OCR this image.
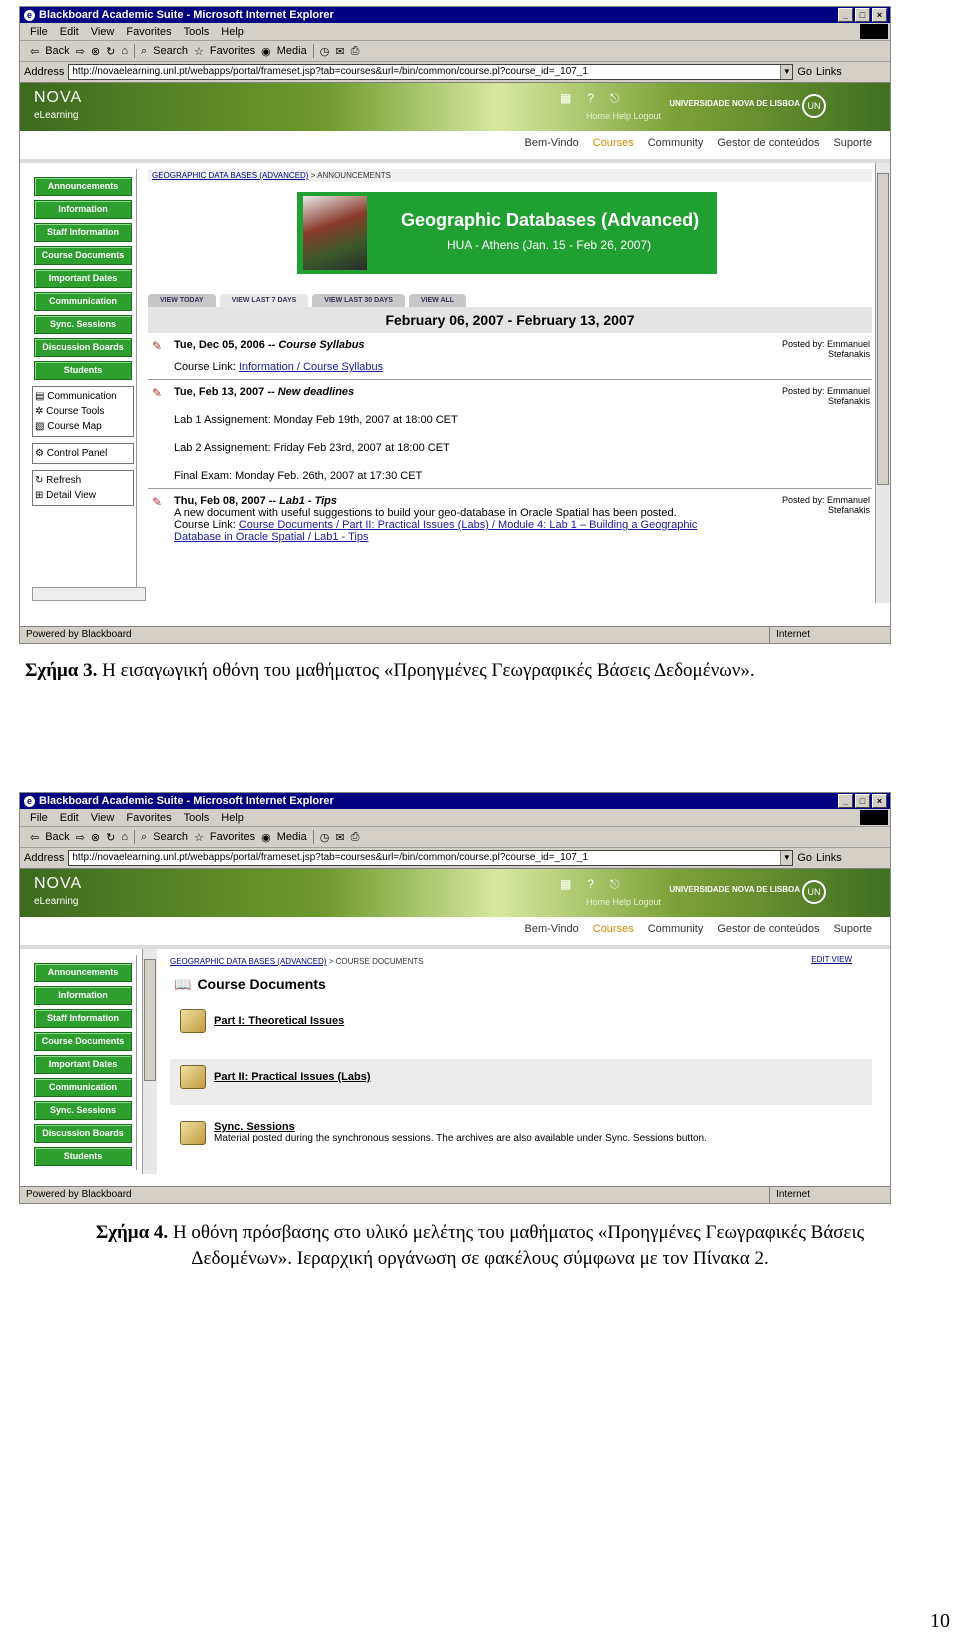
e Blackboard Academic Suite - Microsoft Internet Explorer	_	□	×
File Edit View Favorites Tools Help
⇦ Back ⇨ ⊗ ↻ ⌂ ⌕ Search ☆ Favorites ◉ Media ◷ ✉ ⎙
Address http://novaelearning.unl.pt/webapps/portal/frameset.jsp?tab=courses&url=/bin/common/course.pl?course_id=_107_1	▼ Go Links
NOVA
eLearning
▦ ? ⎋
Home Help Logout
UNIVERSIDADE NOVA DE LISBOA UN
Bem-Vindo Courses Community Gestor de conteúdos Suporte
Announcements
Information
Staff Information
Course Documents
Important Dates
Communication
Sync. Sessions
Discussion Boards
Students
▤ Communication
✲ Course Tools
▧ Course Map
⚙ Control Panel
↻ Refresh
⊞ Detail View
GEOGRAPHIC DATA BASES (ADVANCED) > ANNOUNCEMENTS
Geographic Databases (Advanced)
HUA - Athens (Jan. 15 - Feb 26, 2007)
VIEW TODAY	VIEW LAST 7 DAYS	VIEW LAST 30 DAYS	VIEW ALL
February 06, 2007 - February 13, 2007
✎ Tue, Dec 05, 2006 -- Course Syllabus	Posted by: Emmanuel Stefanakis
Course Link: Information / Course Syllabus
✎ Tue, Feb 13, 2007 -- New deadlines	Posted by: Emmanuel Stefanakis
Lab 1 Assignement: Monday Feb 19th, 2007 at 18:00 CET
Lab 2 Assignement: Friday Feb 23rd, 2007 at 18:00 CET
Final Exam: Monday Feb. 26th, 2007 at 17:30 CET
✎ Thu, Feb 08, 2007 -- Lab1 - Tips	Posted by: Emmanuel Stefanakis
A new document with useful suggestions to build your geo-database in Oracle Spatial has been posted.
Course Link: Course Documents / Part II: Practical Issues (Labs) / Module 4: Lab 1 – Building a Geographic Database in Oracle Spatial / Lab1 - Tips
Powered by Blackboard	Internet
Σχήμα 3. Η εισαγωγική οθόνη του μαθήματος «Προηγμένες Γεωγραφικές Βάσεις Δεδομένων».
e Blackboard Academic Suite - Microsoft Internet Explorer	_	□	×
File Edit View Favorites Tools Help
⇦ Back ⇨ ⊗ ↻ ⌂ ⌕ Search ☆ Favorites ◉ Media ◷ ✉ ⎙
Address http://novaelearning.unl.pt/webapps/portal/frameset.jsp?tab=courses&url=/bin/common/course.pl?course_id=_107_1	▼ Go Links
NOVA
eLearning
▦ ? ⎋
Home Help Logout
UNIVERSIDADE NOVA DE LISBOA UN
Bem-Vindo Courses Community Gestor de conteúdos Suporte
Announcements
Information
Staff Information
Course Documents
Important Dates
Communication
Sync. Sessions
Discussion Boards
Students
GEOGRAPHIC DATA BASES (ADVANCED) > COURSE DOCUMENTS	EDIT VIEW
📖 Course Documents
Part I: Theoretical Issues
Part II: Practical Issues (Labs)
Sync. Sessions
Material posted during the synchronous sessions. The archives are also available under Sync. Sessions button.
Powered by Blackboard	Internet
Σχήμα 4. Η οθόνη πρόσβασης στο υλικό μελέτης του μαθήματος «Προηγμένες Γεωγραφικές Βάσεις
Δεδομένων». Ιεραρχική οργάνωση σε φακέλους σύμφωνα με τον Πίνακα 2.
10
